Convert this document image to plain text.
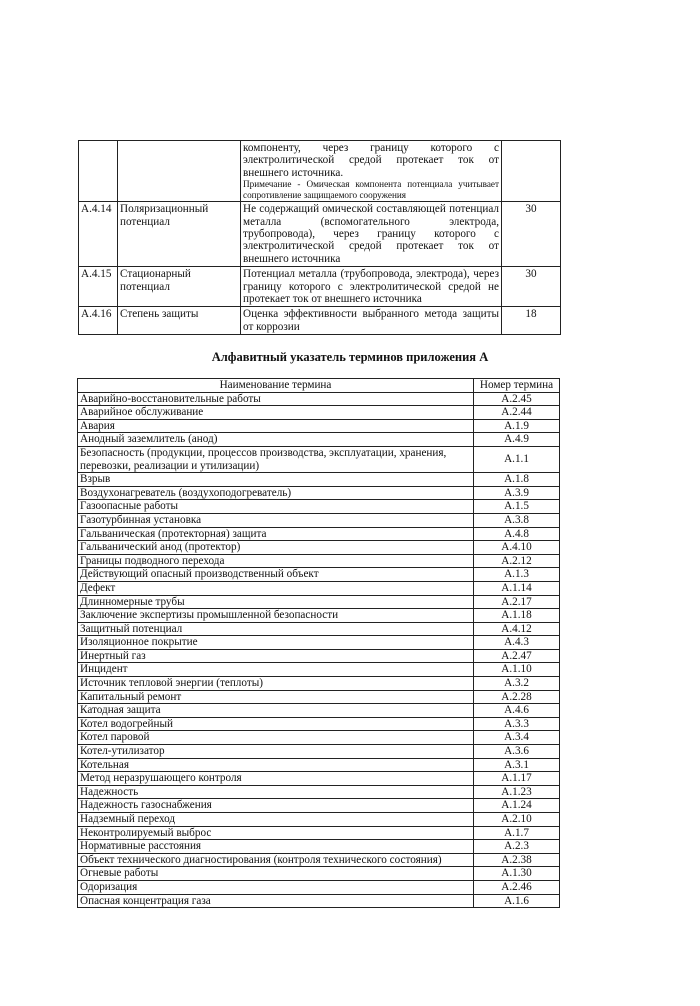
		компоненту, через границу которого с электролитической средой протекает ток от внешнего источника.
Примечание - Омическая компонента потенциала учитывает сопротивление защищаемого сооружения	

А.4.14	Поляризационный потенциал	Не содержащий омической составляющей потенциал металла (вспомогательного электрода, трубопровода), через границу которого с электролитической средой протекает ток от внешнего источника	30
А.4.15	Стационарный потенциал	Потенциал металла (трубопровода, электрода), через границу которого с электролитической средой не протекает ток от внешнего источника	30
А.4.16	Степень защиты	Оценка эффективности выбранного метода защиты от коррозии	18
Алфавитный указатель терминов приложения А
Наименование термина	Номер термина
Аварийно-восстановительные работы	А.2.45
Аварийное обслуживание	А.2.44
Авария	А.1.9
Анодный заземлитель (анод)	А.4.9
Безопасность (продукции, процессов производства, эксплуатации, хранения, перевозки, реализации и утилизации)	А.1.1
Взрыв	А.1.8
Воздухонагреватель (воздухоподогреватель)	А.3.9
Газоопасные работы	А.1.5
Газотурбинная установка	А.3.8
Гальваническая (протекторная) защита	А.4.8
Гальванический анод (протектор)	А.4.10
Границы подводного перехода	А.2.12
Действующий опасный производственный объект	А.1.3
Дефект	А.1.14
Длинномерные трубы	А.2.17
Заключение экспертизы промышленной безопасности	А.1.18
Защитный потенциал	А.4.12
Изоляционное покрытие	А.4.3
Инертный газ	А.2.47
Инцидент	А.1.10
Источник тепловой энергии (теплоты)	А.3.2
Капитальный ремонт	А.2.28
Катодная защита	А.4.6
Котел водогрейный	А.3.3
Котел паровой	А.3.4
Котел-утилизатор	А.3.6
Котельная	А.3.1
Метод неразрушающего контроля	А.1.17
Надежность	А.1.23
Надежность газоснабжения	А.1.24
Надземный переход	А.2.10
Неконтролируемый выброс	А.1.7
Нормативные расстояния	А.2.3
Объект технического диагностирования (контроля технического состояния)	А.2.38
Огневые работы	А.1.30
Одоризация	А.2.46
Опасная концентрация газа	А.1.6
